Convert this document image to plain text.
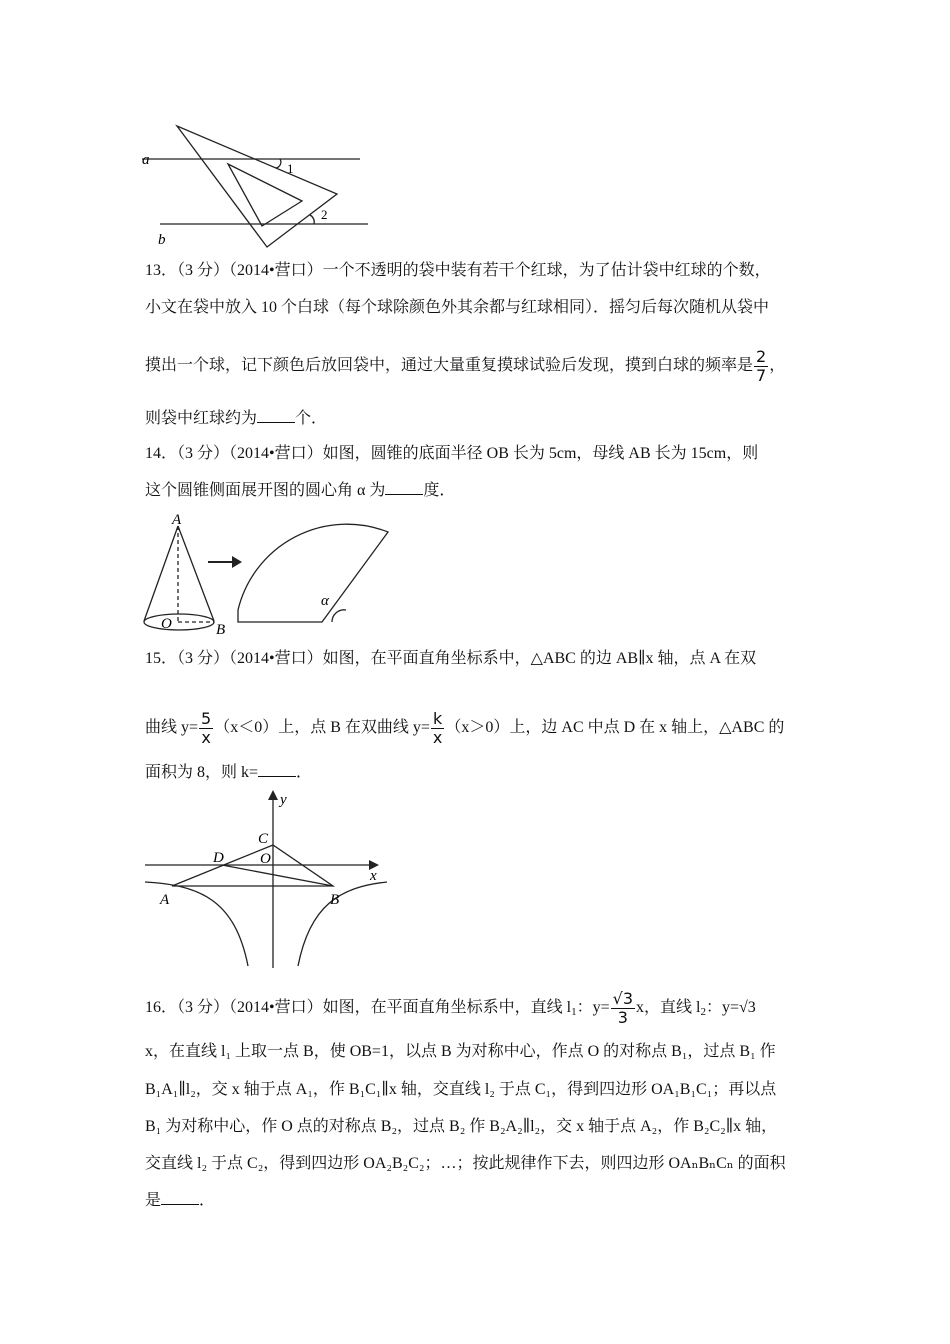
a
b
1
2
13．（3 分）（2014•营口）一个不透明的袋中装有若干个红球，为了估计袋中红球的个数，
小文在袋中放入 10 个白球（每个球除颜色外其余都与红球相同）．摇匀后每次随机从袋中
摸出一个球，记下颜色后放回袋中，通过大量重复摸球试验后发现，摸到白球的频率是 $\frac{2}{7}$ ，
则袋中红球约为 个．
14．（3 分）（2014•营口）如图，圆锥的底面半径 OB 长为 5cm，母线 AB 长为 15cm，则
这个圆锥侧面展开图的圆心角 α 为 度．
A
O	B
α
15．（3 分）（2014•营口）如图，在平面直角坐标系中，△ABC 的边 AB∥x 轴，点 A 在双
曲线 $y= \frac{5}{x} (x<0)$上，点 B 在双曲线 $y= \frac{k}{x} (x>0)$上，边 AC 中点 D 在 x 轴上，△ABC 的
面积为 8，则 k= ．
y
x
C
D O
A	B
16．（3 分）（2014•营口）如图，在平面直角坐标系中，直线 $l_1$：$y= \frac{√3}{3}$ x，直线 $l_2$：y=√3
x，在直线 l₁ 上取一点 B，使 OB=1，以点 B 为对称中心，作点 O 的对称点 B₁，过点 B₁ 作
B₁A₁∥l₂，交 x 轴于点 A₁，作 B₁C₁∥x 轴，交直线 l₂ 于点 C₁，得到四边形 OA₁B₁C₁；再以点
B₁ 为对称中心，作 O 点的对称点 B₂，过点 B₂ 作 B₂A₂∥l₂，交 x 轴于点 A₂，作 B₂C₂∥x 轴，
交直线 l₂ 于点 C₂，得到四边形 OA₂B₂C₂；…；按此规律作下去，则四边形 OAₙBₙCₙ 的面积
是 ．
